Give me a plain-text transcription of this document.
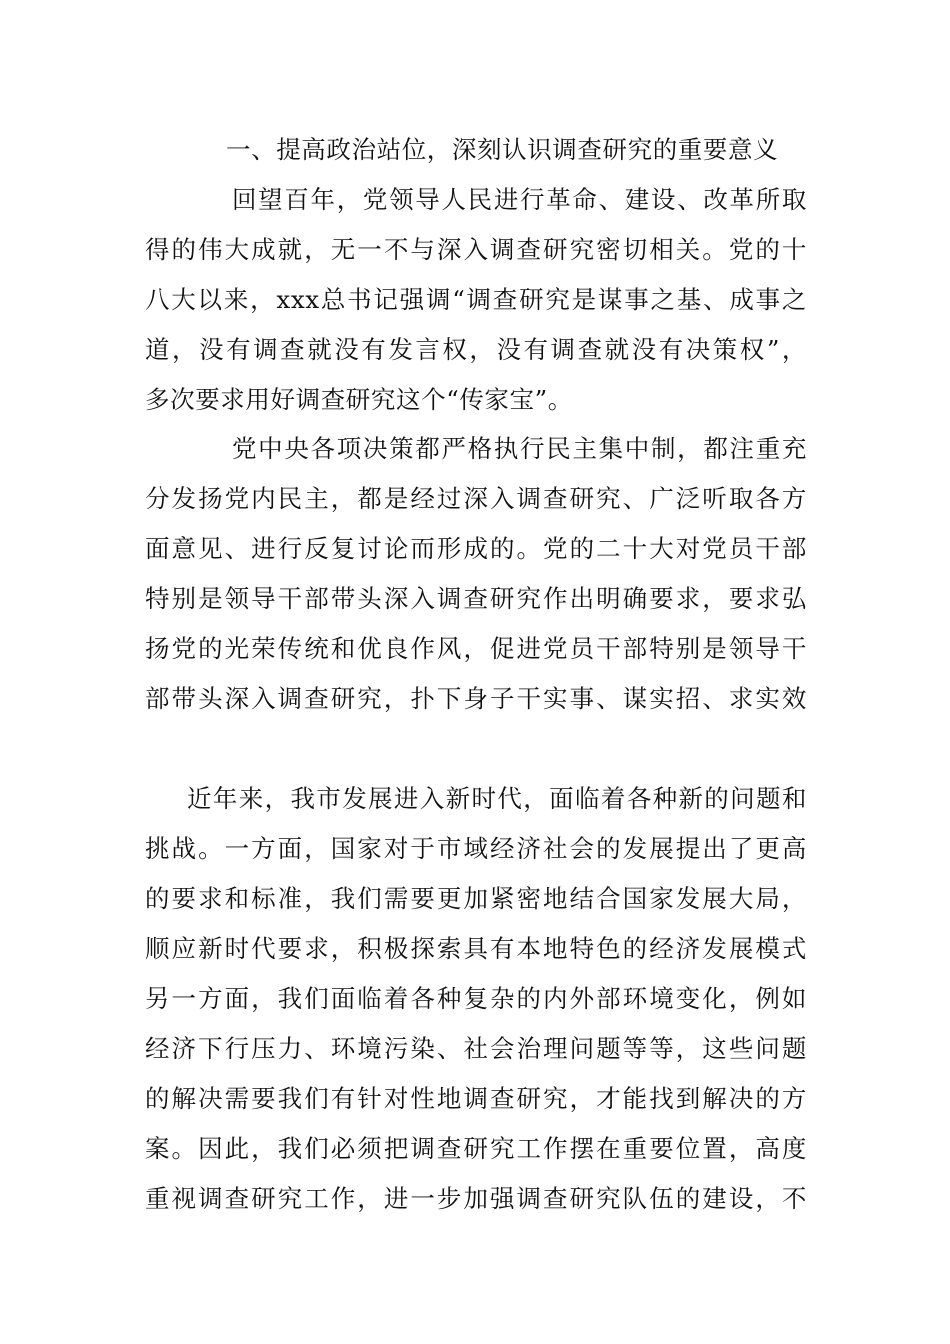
一、提高政治站位，深刻认识调查研究的重要意义
回望百年，党领导人民进行革命、建设、改革所取
得的伟大成就，无一不与深入调查研究密切相关。党的十
八大以来，xxx总书记强调“调查研究是谋事之基、成事之
道，没有调查就没有发言权，没有调查就没有决策权”，
多次要求用好调查研究这个“传家宝”。
党中央各项决策都严格执行民主集中制，都注重充
分发扬党内民主，都是经过深入调查研究、广泛听取各方
面意见、进行反复讨论而形成的。党的二十大对党员干部
特别是领导干部带头深入调查研究作出明确要求，要求弘
扬党的光荣传统和优良作风，促进党员干部特别是领导干
部带头深入调查研究，扑下身子干实事、谋实招、求实效
近年来，我市发展进入新时代，面临着各种新的问题和
挑战。一方面，国家对于市域经济社会的发展提出了更高
的要求和标准，我们需要更加紧密地结合国家发展大局，
顺应新时代要求，积极探索具有本地特色的经济发展模式
另一方面，我们面临着各种复杂的内外部环境变化，例如
经济下行压力、环境污染、社会治理问题等等，这些问题
的解决需要我们有针对性地调查研究，才能找到解决的方
案。因此，我们必须把调查研究工作摆在重要位置，高度
重视调查研究工作，进一步加强调查研究队伍的建设，不
